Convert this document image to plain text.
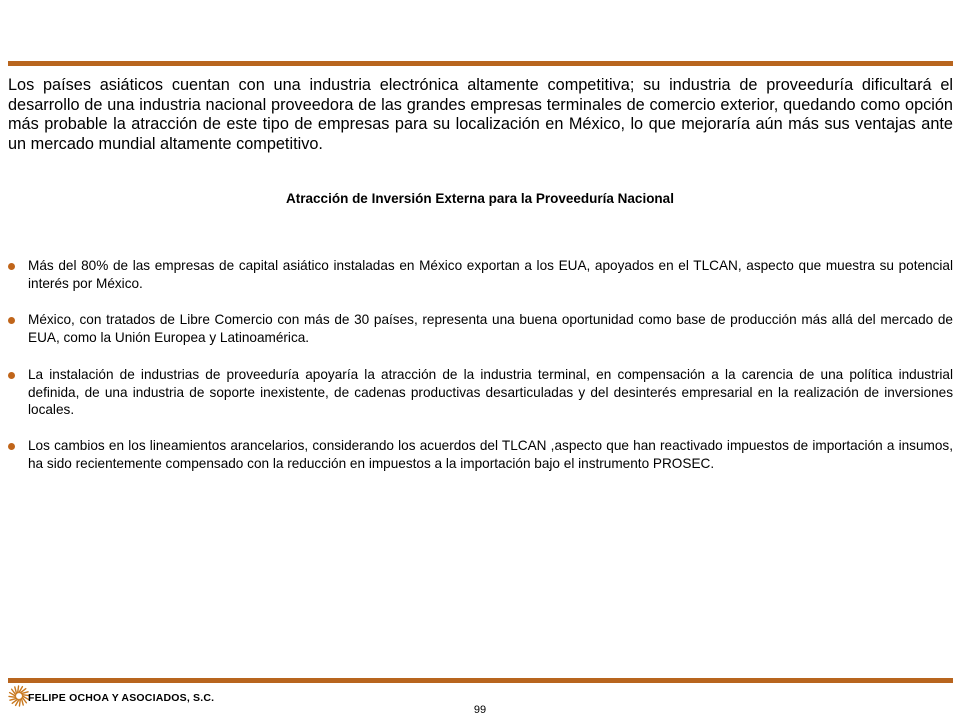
Los países asiáticos cuentan con una industria electrónica altamente competitiva; su industria de proveeduría dificultará el desarrollo de una industria nacional proveedora de las grandes empresas terminales de comercio exterior, quedando como opción más probable la atracción de este tipo de empresas para su localización en México, lo que mejoraría aún más sus ventajas ante un mercado mundial altamente competitivo.

Atracción de Inversión Externa para la Proveeduría Nacional

Más del 80% de las empresas de capital asiático instaladas en México exportan a los EUA, apoyados en el TLCAN, aspecto que muestra su potencial interés por México.
México, con tratados de Libre Comercio con más de 30 países, representa una buena oportunidad como base de producción más allá del mercado de EUA, como la Unión Europea y Latinoamérica.
La instalación de industrias de proveeduría apoyaría la atracción de la industria terminal, en compensación a la carencia de una política industrial definida, de una industria de soporte inexistente, de cadenas productivas desarticuladas y del desinterés empresarial en la realización de inversiones locales.
Los cambios en los lineamientos arancelarios, considerando los acuerdos del TLCAN ,aspecto que han reactivado impuestos de importación a insumos, ha sido recientemente compensado con la reducción en impuestos a la importación bajo el instrumento PROSEC.
FELIPE OCHOA Y ASOCIADOS, S.C.
99
